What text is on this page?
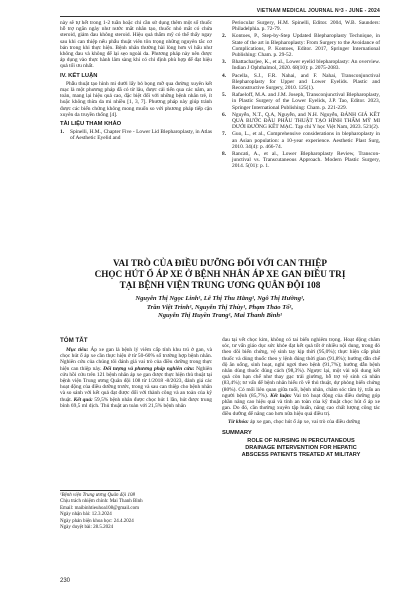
VIETNAM MEDICAL JOURNAL Nº3 - JUNE - 2024

này sẽ tự hết trong 1-2 tuần hoặc chỉ cần sử dụng thêm một số thuốc hỗ trợ ngắn ngày như nước mắt nhân tạo, thuốc nhỏ mắt có chứa steroid, giảm đau không steroid. Hiệu quả thẩm mỹ có thể thấy ngay sau khi can thiệp nếu phẫu thuật viên tôn trọng những nguyên tắc cơ bản trong khi thực hiện. Bệnh nhân thường hài lòng hơn vì hấu như không đau và không để lại sẹo ngoài da. Phương pháp này nên được áp dụng vào thực hành lâm sàng khi có chỉ định phù hợp để đạt hiệu quả tối ưu nhất.

IV. KẾT LUẬN

Phẫu thuật tạo hình mi dưới lấy bỏ bọng mỡ qua đường xuyên kết mạc là một phương pháp đã có từ lâu, được cải tiến qua các năm, an toàn, mang lại hiệu quả cao, đặc biệt đối với những bệnh nhân trẻ, ít hoặc không thừa da mi nhiều [1, 3, 7]. Phương pháp này giúp tránh được các biến chứng không mong muốn so với phương pháp tiếp cận xuyên da truyền thống [4].

TÀI LIỆU THAM KHẢO
1.	Spinelli, H.M., Chapter Five - Lower Lid Blepharoplasty, in Atlas of Aesthetic Eyelid and
Periocular Surgery, H.M. Spinelli, Editor. 2004, W.B. Saunders: Philadelphia. p. 72-79.
2.	Kontoes, P., Step-by-Step Updated Blepharoplasty Technique, in State of the art in Blepharoplasty: From Surgery to the Avoidance of Complications, P. Kontoes, Editor. 2017, Springer International Publishing: Cham. p. 29-52.
3.	Bhattacharjee, K., et al., Lower eyelid blepharoplasty: An overview. Indian J Ophthalmol, 2020. 68(10): p. 2075-2083.
4.	Pacella, S.J., F.R. Nahai, and F. Nahai, Transconjunctival Blepharoplasty for Upper and Lower Eyelids. Plastic and Reconstructive Surgery, 2010. 125(1).
5.	Rafaeloff, M.A. and J.M. Joseph, Transconjunctival Blepharoplasty, in Plastic Surgery of the Lower Eyelids, J.P. Tao, Editor. 2023, Springer International Publishing: Cham. p. 221-229.
6.	Nguyễn, N.T., Q.A, Nguyễn, and N.H. Nguyễn, ĐÁNH GIÁ KẾT QUẢ BƯỚC ĐẦU PHẪU THUẬT TẠO HÌNH THẨM MỸ MI DƯỚI ĐƯỜNG KẾT MẠC. Tạp chí Y học Việt Nam, 2023. 521(2).
7.	Guo, L., et al., Comprehensive considerations in blepharoplasty in an Asian population: a 10-year experience. Aesthetic Plast Surg, 2010. 34(4): p. 466-74.
8.	Rancati, A., et al., Lower Blepharoplasty Review, Transcon-junctival vs. Transcutaneous Approach. Modern Plastic Surgery, 2014. 5(01): p. 1.
VAI TRÒ CỦA ĐIỀU DƯỠNG ĐỐI VỚI CAN THIỆP
CHỌC HÚT Ổ ÁP XE Ở BỆNH NHÂN ÁP XE GAN ĐIỀU TRỊ
TẠI BỆNH VIỆN TRUNG ƯƠNG QUÂN ĐỘI 108
Nguyễn Thị Ngọc Linh¹, Lê Thị Thu Hằng¹, Ngô Thị Hường¹,
Trần Việt Trinh¹, Nguyễn Thị Thùy¹, Phạm Thảo Tố¹,
Nguyễn Thị Huyền Trang¹, Mai Thanh Bình¹
TÓM TẮT

Mục tiêu: Áp xe gan là bệnh lý viêm cấp tính khu trú ở gan, và chọc hút ổ áp xe cần thực hiện ở từ 50-60% số trường hợp bệnh nhân. Nghiên cứu của chúng tôi đánh giá vai trò của điều dưỡng trong thực hiện can thiệp này. Đối tượng và phương pháp nghiên cứu: Nghiên cứu hồi cứu trên 121 bệnh nhân áp xe gan được thực hiện thủ thuật tại bệnh viện Trung ương Quân đội 108 từ 1/2018 -8/2023, đánh giá các hoạt động của điều dưỡng trước, trong và sau can thiệp cho bệnh nhân và so sánh với kết quả đạt được đối với thành công và an toàn của kỹ thuật. Kết quả: 59,5% bệnh nhân được chọc hút 1 lần, hút được trung bình 69,5 ml dịch. Thủ thuật an toàn với 21,5% bệnh nhân

¹Bệnh viện Trung ương Quân đội 108
Chịu trách nhiệm chính: Mai Thanh Bình
Email: maibinhtieuhoa108@gmail.com
Ngày nhận bài: 12.3.2024
Ngày phản biện khoa học: 24.4.2024
Ngày duyệt bài: 28.5.2024

đau tại vết chọc kim, không có tai biến nghiêm trọng. Hoạt động chăm sóc, tư vấn giáo dục sức khỏe đạt kết quả tốt ở nhiều nội dung, trong đó theo dõi biến chứng, vệ sinh tay kịp thời (95,0%); thực hiện cấp phát thuốc và dùng thuốc theo y lệnh đúng thời gian (91,8%); hướng dẫn chế độ ăn uống, sinh hoạt, nghỉ ngơi theo bệnh (91,7%); hướng dẫn bệnh nhân dùng thuốc đúng cách (98,3%). Ngược lại, một vài nội dung kết quả còn hạn chế như thay gạc trải giường, hỗ trợ vệ sinh cá nhân (83,4%); tư vấn để bệnh nhân hiểu rõ về thủ thuật, dự phòng biến chứng (80%). Có mối liên quan giữa tuổi, bệnh nhân, chăm sóc tâm lý, trấn an người bệnh (85,7%). Kết luận: Vai trò hoạt động của điều dưỡng góp phần nâng cao hiệu quả và tính an toàn của kỹ thuật chọc hút ổ áp xe gan. Do đó, cần thường xuyên tập huấn, nâng cao chất lượng công tác điều dưỡng để nâng cao hơn nữa hiệu quả điều trị.

Từ khóa: áp xe gan, chọc hút ổ áp xe, vai trò của điều dưỡng

SUMMARY
ROLE OF NURSING IN PERCUTANEOUS
DRAINAGE INTERVENTION FOR HEPATIC
ABSCESS PATIENTS TREATED AT MILITARY
230
